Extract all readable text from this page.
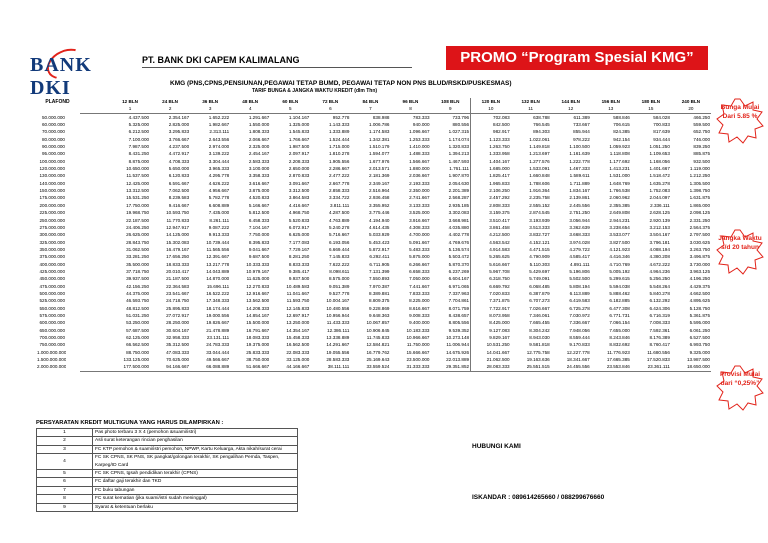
BANK DKI
PT. BANK DKI CAPEM KALIMALANG	PROMO “Program Spesial KMG”
KMG (PNS,CPNS,PENSIUNAN,PEGAWAI TETAP BUMD, PEGAWAI TETAP NON PNS BLUD/RSKD/PUSKESMAS)
TARIF BUNGA & JANGKA WAKTU KREDIT (dlm Thn)
PLAFOND
		12 BLN	24 BLN	36 BLN	48 BLN	60 BLN	72 BLN	84 BLN	96 BLN	108 BLN	120 BLN	132 BLN	144 BLN	156 BLN	180 BLN	240 BLN
	1	2	3	4	5	6	7	8	9	10	11	12	13	15	20
50.000.000	4.437.500	2.354.167	1.652.222	1.291.667	1.104.167	952.778	838.988	783.333	733.796	702.083	638.788	611.389	588.846	584.028	466.250
60.000.000	5.325.000	2.825.000	1.982.667	1.550.000	1.325.000	1.143.333	1.006.786	940.000	880.556	842.500	766.545	733.667	706.615	700.833	559.500
70.000.000	6.212.500	3.295.833	2.313.111	1.808.333	1.545.833	1.333.889	1.174.583	1.096.667	1.027.315	982.917	894.303	855.944	824.385	817.639	652.750
80.000.000	7.100.000	3.766.667	2.643.556	2.066.667	1.766.667	1.524.444	1.342.381	1.253.333	1.174.074	1.123.333	1.022.061	978.222	942.154	934.444	746.000
90.000.000	7.987.500	4.237.500	2.974.000	2.325.000	1.987.500	1.715.000	1.510.179	1.410.000	1.320.833	1.263.750	1.149.818	1.100.500	1.059.923	1.051.250	839.250
95.000.000	8.431.250	4.472.917	3.139.222	2.454.167	2.097.917	1.810.278	1.594.077	1.488.333	1.394.213	1.333.958	1.213.697	1.161.639	1.118.808	1.109.653	885.875
100.000.000	8.875.000	4.708.333	3.304.444	2.583.333	2.208.333	1.905.556	1.677.976	1.566.667	1.467.593	1.404.167	1.277.576	1.222.778	1.177.692	1.168.056	932.500
120.000.000	10.650.000	5.650.000	3.965.333	3.100.000	2.650.000	2.286.667	2.013.571	1.880.000	1.761.111	1.685.000	1.533.091	1.467.333	1.413.231	1.401.667	1.119.000
130.000.000	11.537.500	6.120.833	4.295.778	3.358.333	2.870.833	2.477.222	2.181.369	2.036.667	1.907.870	1.825.417	1.660.848	1.589.611	1.531.000	1.518.472	1.212.250
140.000.000	12.425.000	6.591.667	4.626.222	3.616.667	3.091.667	2.667.778	2.349.167	2.193.333	2.054.630	1.965.833	1.788.606	1.711.889	1.648.769	1.635.278	1.305.500
150.000.000	13.312.500	7.062.500	4.956.667	3.875.000	3.312.500	2.858.333	2.516.964	2.350.000	2.201.389	2.106.250	1.916.364	1.834.167	1.766.538	1.752.083	1.398.750
175.000.000	15.531.250	8.239.583	5.782.778	4.520.833	3.864.583	3.334.722	2.936.458	2.741.667	2.568.287	2.457.292	2.235.758	2.139.861	2.060.962	2.044.097	1.631.875
200.000.000	17.750.000	9.416.667	6.608.889	5.166.667	4.416.667	3.811.111	3.355.952	3.133.333	2.935.185	2.808.333	2.555.152	2.445.556	2.355.385	2.336.111	1.865.000
225.000.000	19.968.750	10.593.750	7.435.000	5.812.500	4.968.750	4.287.500	3.775.446	3.525.000	3.302.083	3.159.375	2.874.545	2.751.250	2.649.808	2.628.125	2.098.125
250.000.000	22.187.500	11.770.833	8.261.111	6.458.333	5.520.833	4.763.889	4.194.940	3.916.667	3.668.981	3.510.417	3.193.939	3.056.944	2.944.231	2.920.139	2.331.250
275.000.000	24.406.250	12.947.917	9.087.222	7.104.167	6.072.917	5.240.278	4.614.435	4.308.333	4.035.880	3.861.458	3.513.333	3.362.639	3.238.654	3.212.153	2.564.375
300.000.000	26.625.000	14.125.000	9.913.333	7.750.000	6.625.000	5.716.667	5.033.929	4.700.000	4.402.778	4.212.500	3.832.727	3.668.333	3.533.077	3.504.167	2.797.500
325.000.000	28.843.750	15.302.083	10.739.444	8.395.833	7.177.083	6.193.056	5.453.423	5.091.667	4.769.676	4.563.542	4.152.121	3.974.028	3.827.500	3.796.181	3.030.625
350.000.000	31.062.500	16.479.167	11.565.556	9.041.667	7.729.167	6.669.444	5.872.917	5.483.333	5.136.574	4.914.583	4.471.515	4.279.722	4.121.923	4.088.194	3.263.750
375.000.000	33.281.250	17.656.250	12.391.667	9.687.500	8.281.250	7.145.833	6.292.411	5.875.000	5.503.472	5.265.625	4.790.909	4.585.417	4.416.346	4.380.208	3.496.875
400.000.000	35.500.000	18.833.333	13.217.778	10.333.333	8.833.333	7.622.222	6.711.905	6.266.667	5.870.370	5.616.667	5.110.303	4.891.111	4.710.769	4.672.222	3.730.000
425.000.000	37.718.750	20.010.417	14.043.889	10.979.167	9.385.417	8.098.611	7.131.399	6.658.333	6.237.269	5.967.708	5.429.697	5.196.806	5.005.192	4.964.236	3.963.125
450.000.000	39.937.500	21.187.500	14.870.000	11.625.000	9.937.500	8.575.000	7.550.893	7.050.000	6.604.167	6.318.750	5.749.091	5.502.500	5.299.615	5.256.250	4.196.250
475.000.000	42.156.250	22.364.583	15.696.111	12.270.833	10.489.583	9.051.389	7.970.387	7.441.667	6.971.065	6.669.792	6.068.485	5.808.194	5.594.038	5.548.264	4.429.375
500.000.000	44.375.000	23.541.667	16.522.222	12.916.667	11.041.667	9.527.778	8.389.881	7.833.333	7.337.963	7.020.833	6.387.879	6.113.889	5.888.462	5.840.278	4.662.500
525.000.000	46.593.750	24.718.750	17.348.333	13.562.500	11.593.750	10.004.167	8.809.375	8.225.000	7.704.861	7.371.875	6.707.273	6.419.583	6.182.885	6.132.292	4.895.625
550.000.000	48.812.500	25.895.833	18.174.444	14.208.333	12.145.833	10.480.556	9.228.869	8.616.667	8.071.759	7.722.917	7.026.667	6.725.278	6.477.308	6.424.306	5.128.750
575.000.000	51.031.250	27.072.917	19.000.556	14.854.167	12.697.917	10.956.944	9.648.363	9.008.333	8.438.657	8.073.958	7.346.061	7.030.972	6.771.731	6.716.319	5.361.875
600.000.000	53.250.000	28.250.000	19.826.667	15.500.000	13.250.000	11.433.333	10.067.857	9.400.000	8.805.556	8.425.000	7.665.455	7.336.667	7.066.154	7.008.333	5.595.000
650.000.000	57.687.500	30.604.167	21.478.889	16.791.667	14.354.167	12.386.111	10.906.845	10.183.333	9.539.352	9.127.083	8.304.242	7.948.056	7.655.000	7.592.361	6.061.250
700.000.000	62.125.000	32.958.333	23.131.111	18.083.333	15.458.333	13.338.889	11.745.833	10.966.667	10.273.148	9.829.167	8.943.030	8.559.444	8.243.846	8.176.389	6.527.500
750.000.000	66.562.500	35.312.500	24.783.333	19.375.000	16.562.500	14.291.667	12.584.821	11.750.000	11.006.944	10.531.250	9.581.818	9.170.833	8.832.692	8.760.417	6.993.750
1.000.000.000	88.750.000	47.083.333	33.044.444	25.833.333	22.083.333	19.055.556	16.779.762	15.666.667	14.675.926	14.041.667	12.775.758	12.227.778	11.776.923	11.680.556	9.325.000
1.500.000.000	133.125.000	70.625.000	49.566.667	38.750.000	33.125.000	28.583.333	25.169.643	23.500.000	22.013.889	21.062.500	19.163.636	18.341.667	17.665.385	17.520.833	13.987.500
2.000.000.000	177.500.000	94.166.667	66.088.889	51.666.667	44.166.667	38.111.111	33.559.524	31.333.333	29.351.852	28.083.333	25.551.515	24.455.556	23.553.846	23.361.111	18.650.000
Bunga Mulai Dari 5.85 %
Jangka Waktu s/d 20 tahun
Provisi Mulai dari “0,25%”
PERSYARATAN KREDIT MULTIGUNA YANG HARUS DILAMPIRKAN :
1	Pas photo terbaru 3 X 4 (pemohon &suami/istri)
2	Asli surat keterangan rincian penghasilan
3	FC KTP pemohon & suami/istri pemohon, NPWP, Kartu Keluarga, Akta nikah/surat cerai
4	FC SK CPNS, SK PNS, SK pangkat/golongan terakhir, SK pengalihan Pemda, Taspen, Karpeg/ID Card
5	FC SK CPNS, tgsah pendidikan terakhir (CPNS)
6	FC daftar gaji terakhir dan TKD
7	FC buku tabungan
8	FC surat kematian (jika suami/istri sudah meninggal)
9	Syarat & ketentuan berlaku
HUBUNGI KAMI
ISKANDAR : 089614265660 / 088299676660
